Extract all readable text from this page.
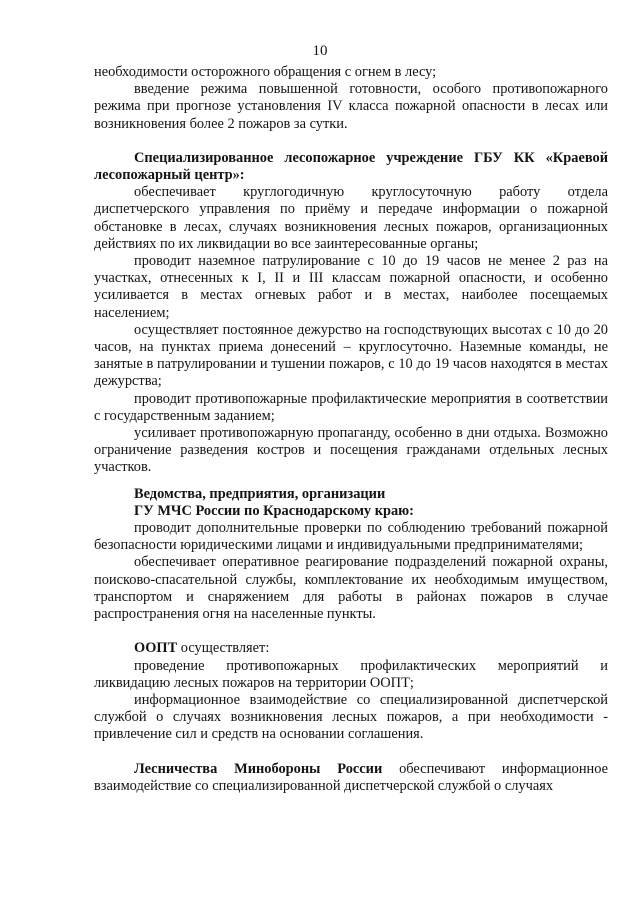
10

необходимости осторожного обращения с огнем в лесу;

введение режима повышенной готовности, особого противопожарного режима при прогнозе установления IV класса пожарной опасности в лесах или возникновения более 2 пожаров за сутки.

Специализированное лесопожарное учреждение ГБУ КК «Краевой лесопожарный центр»:

обеспечивает круглогодичную круглосуточную работу отдела диспетчерского управления по приёму и передаче информации о пожарной обстановке в лесах, случаях возникновения лесных пожаров, организационных действиях по их ликвидации во все заинтересованные органы;

проводит наземное патрулирование с 10 до 19 часов не менее 2 раз на участках, отнесенных к I, II и III классам пожарной опасности, и особенно усиливается в местах огневых работ и в местах, наиболее посещаемых населением;

осуществляет постоянное дежурство на господствующих высотах с 10 до 20 часов, на пунктах приема донесений – круглосуточно. Наземные команды, не занятые в патрулировании и тушении пожаров, с 10 до 19 часов находятся в местах дежурства;

проводит противопожарные профилактические мероприятия в соответствии с государственным заданием;

усиливает противопожарную пропаганду, особенно в дни отдыха. Возможно ограничение разведения костров и посещения гражданами отдельных лесных участков.

Ведомства, предприятия, организации

ГУ МЧС России по Краснодарскому краю:

проводит дополнительные проверки по соблюдению требований пожарной безопасности юридическими лицами и индивидуальными предпринимателями;

обеспечивает оперативное реагирование подразделений пожарной охраны, поисково-спасательной службы, комплектование их необходимым имуществом, транспортом и снаряжением для работы в районах пожаров в случае распространения огня на населенные пункты.

ООПТ осуществляет:

проведение противопожарных профилактических мероприятий и ликвидацию лесных пожаров на территории ООПТ;

информационное взаимодействие со специализированной диспетчерской службой о случаях возникновения лесных пожаров, а при необходимости - привлечение сил и средств на основании соглашения.

Лесничества Минобороны России обеспечивают информационное взаимодействие со специализированной диспетчерской службой о случаях
